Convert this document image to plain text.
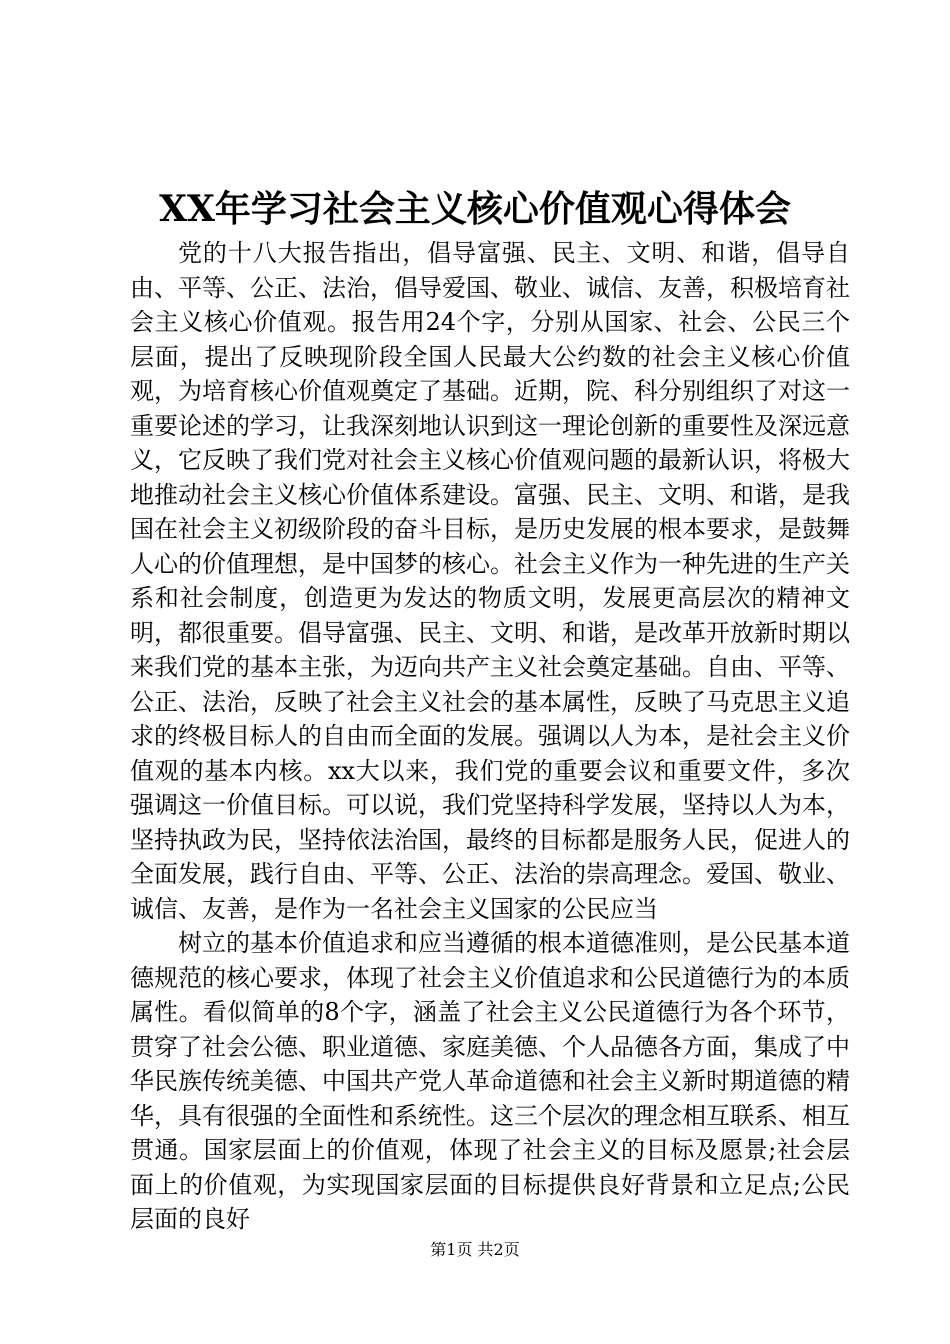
XX年学习社会主义核心价值观心得体会

党的十八大报告指出，倡导富强、民主、文明、和谐，倡导自由、平等、公正、法治，倡导爱国、敬业、诚信、友善，积极培育社会主义核心价值观。报告用24个字，分别从国家、社会、公民三个层面，提出了反映现阶段全国人民最大公约数的社会主义核心价值观，为培育核心价值观奠定了基础。近期，院、科分别组织了对这一重要论述的学习，让我深刻地认识到这一理论创新的重要性及深远意义，它反映了我们党对社会主义核心价值观问题的最新认识，将极大地推动社会主义核心价值体系建设。富强、民主、文明、和谐，是我国在社会主义初级阶段的奋斗目标，是历史发展的根本要求，是鼓舞人心的价值理想，是中国梦的核心。社会主义作为一种先进的生产关系和社会制度，创造更为发达的物质文明，发展更高层次的精神文明，都很重要。倡导富强、民主、文明、和谐，是改革开放新时期以来我们党的基本主张，为迈向共产主义社会奠定基础。自由、平等、公正、法治，反映了社会主义社会的基本属性，反映了马克思主义追求的终极目标人的自由而全面的发展。强调以人为本，是社会主义价值观的基本内核。xx大以来，我们党的重要会议和重要文件，多次强调这一价值目标。可以说，我们党坚持科学发展，坚持以人为本，坚持执政为民，坚持依法治国，最终的目标都是服务人民，促进人的全面发展，践行自由、平等、公正、法治的崇高理念。爱国、敬业、诚信、友善，是作为一名社会主义国家的公民应当

树立的基本价值追求和应当遵循的根本道德准则，是公民基本道德规范的核心要求，体现了社会主义价值追求和公民道德行为的本质属性。看似简单的8个字，涵盖了社会主义公民道德行为各个环节，贯穿了社会公德、职业道德、家庭美德、个人品德各方面，集成了中华民族传统美德、中国共产党人革命道德和社会主义新时期道德的精华，具有很强的全面性和系统性。这三个层次的理念相互联系、相互贯通。国家层面上的价值观，体现了社会主义的目标及愿景;社会层面上的价值观，为实现国家层面的目标提供良好背景和立足点;公民层面的良好

第1页 共2页
